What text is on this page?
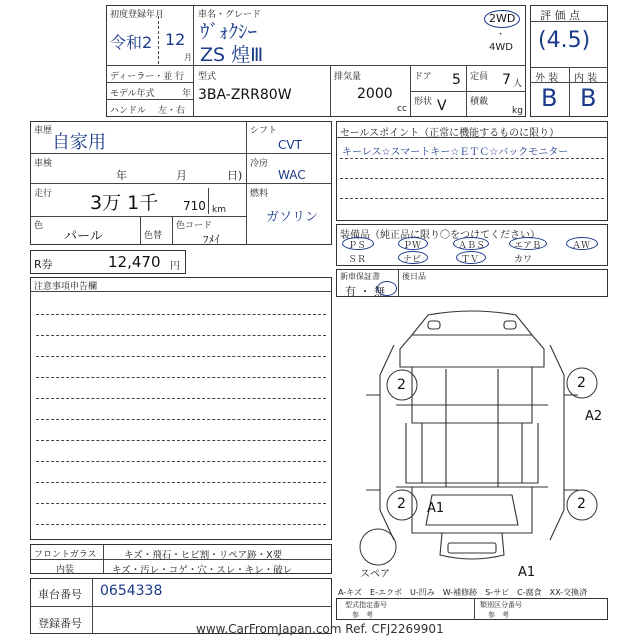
初度登録年月
令和2 12
月
車名・グレード
ｳﾞｫｸｼｰ
ZS 煌Ⅲ
2WD
・
4WD
ディーラー・並 行
モデル年式	年
ハンドル 左・右
型式
3BA-ZRR80W
排気量
2000
cc
ドア 5 定員 7 人
形状 V	積載
kg
評 価 点
(4.5)
外 装 内 装
B B
車歴
自家用
車検
年	月	日)
走行 3万 1千 710 km
色
パール	色替
色コード
ﾌﾒｲ
シフト
CVT
冷房
WAC
燃料
ガソリン
R券	12,470 円
注意事項申告欄
セールスポイント（正常に機能するものに限り）
キーレス☆スマートキー☆ＥＴＣ☆バックモニター
装備品（純正品に限り〇をつけてください）
ＰＳ	ＰＷ	ＡＢＳ	エアＢ	ＡＷ
ＳＲ	ナビ	ＴＶ	カワ
新車保証書
有 ・ 無
後日品
2	2
2	2
A2
A1
A1
スペア
A-キズ　E-エクボ　U-凹み　W-補修跡　S-サビ　C-腐食　XX-交換済
型式指定番号
参　考
類別区分番号
参　考
フロントガラス	キズ・飛石・ヒビ割・リペア跡・X要
内装	キズ・汚レ・コゲ・穴・スレ・キレ・破レ
車台番号 0654338
登録番号	www.CarFromJapan.com Ref. CFJ2269901
